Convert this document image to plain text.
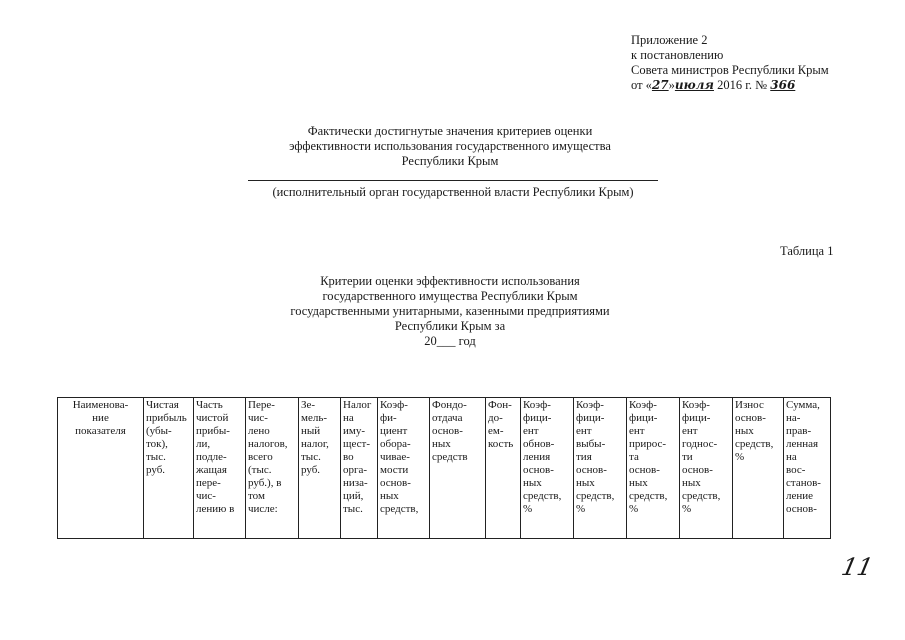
Приложение 2
к постановлению
Совета министров Республики Крым
от «27»июля 2016 г. № 366
Фактически достигнутые значения критериев оценки
эффективности использования государственного имущества
Республики Крым
(исполнительный орган государственной власти Республики Крым)
Таблица 1
Критерии оценки эффективности использования
государственного имущества Республики Крым
государственными унитарными, казенными предприятиями
Республики Крым за
20___ год
Наименова-
ние
показателя	Чистая
прибыль
(убы-
ток),
тыс.
руб.	Часть
чистой
прибы-
ли,
подле-
жащая
пере-
чис-
лению в	Пере-
чис-
лено
налогов,
всего
(тыс.
руб.), в
том
числе:	Зе-
мель-
ный
налог,
тыс.
руб.	Налог
на
иму-
щест-
во
орга-
низа-
ций,
тыс.	Коэф-
фи-
циент
обора-
чивае-
мости
основ-
ных
средств,	Фондо-
отдача
основ-
ных
средств	Фон-
до-
ем-
кость	Коэф-
фици-
ент
обнов-
ления
основ-
ных
средств,
%	Коэф-
фици-
ент
выбы-
тия
основ-
ных
средств,
%	Коэф-
фици-
ент
прирос-
та
основ-
ных
средств,
%	Коэф-
фици-
ент
годнос-
ти
основ-
ных
средств,
%	Износ
основ-
ных
средств,
%	Сумма,
на-
прав-
ленная
на
вос-
станов-
ление
основ-
11
